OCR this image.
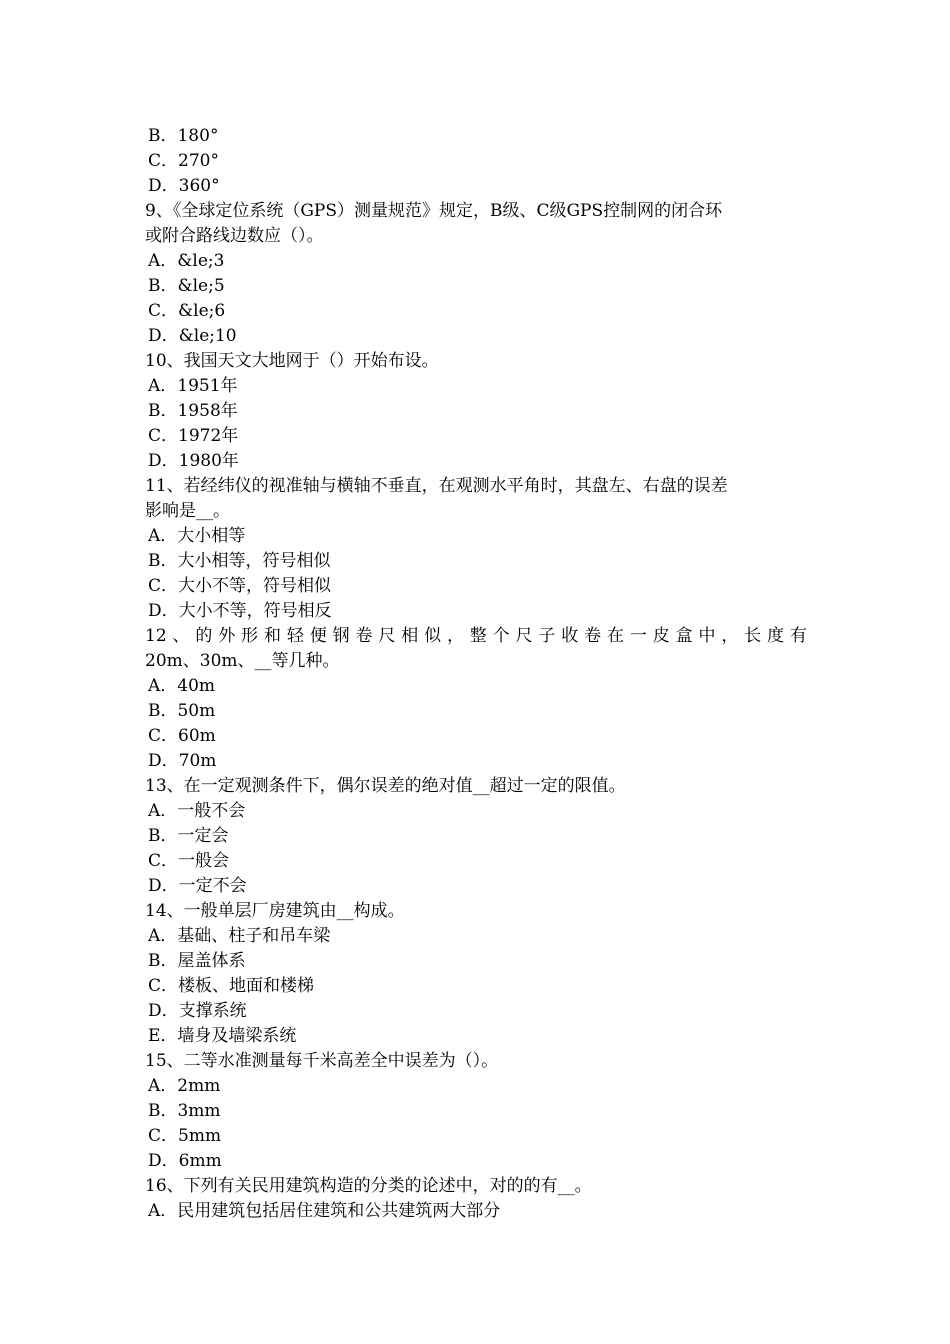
B．180°
C．270°
D．360°
9、《全球定位系统（GPS）测量规范》规定，B级、C级GPS控制网的闭合环
或附合路线边数应（）。
A．&le;3
B．&le;5
C．&le;6
D．&le;10
10、我国天文大地网于（）开始布设。
A．1951年
B．1958年
C．1972年
D．1980年
11、若经纬仪的视准轴与横轴不垂直，在观测水平角时，其盘左、右盘的误差
影响是__。
A．大小相等
B．大小相等，符号相似
C．大小不等，符号相似
D．大小不等，符号相反
12、的外形和轻便钢卷尺相似，整个尺子收卷在一皮盒中，长度有
20m、30m、__等几种。
A．40m
B．50m
C．60m
D．70m
13、在一定观测条件下，偶尔误差的绝对值__超过一定的限值。
A．一般不会
B．一定会
C．一般会
D．一定不会
14、一般单层厂房建筑由__构成。
A．基础、柱子和吊车梁
B．屋盖体系
C．楼板、地面和楼梯
D．支撑系统
E．墙身及墙梁系统
15、二等水准测量每千米高差全中误差为（）。
A．2mm
B．3mm
C．5mm
D．6mm
16、下列有关民用建筑构造的分类的论述中，对的的有__。
A．民用建筑包括居住建筑和公共建筑两大部分
